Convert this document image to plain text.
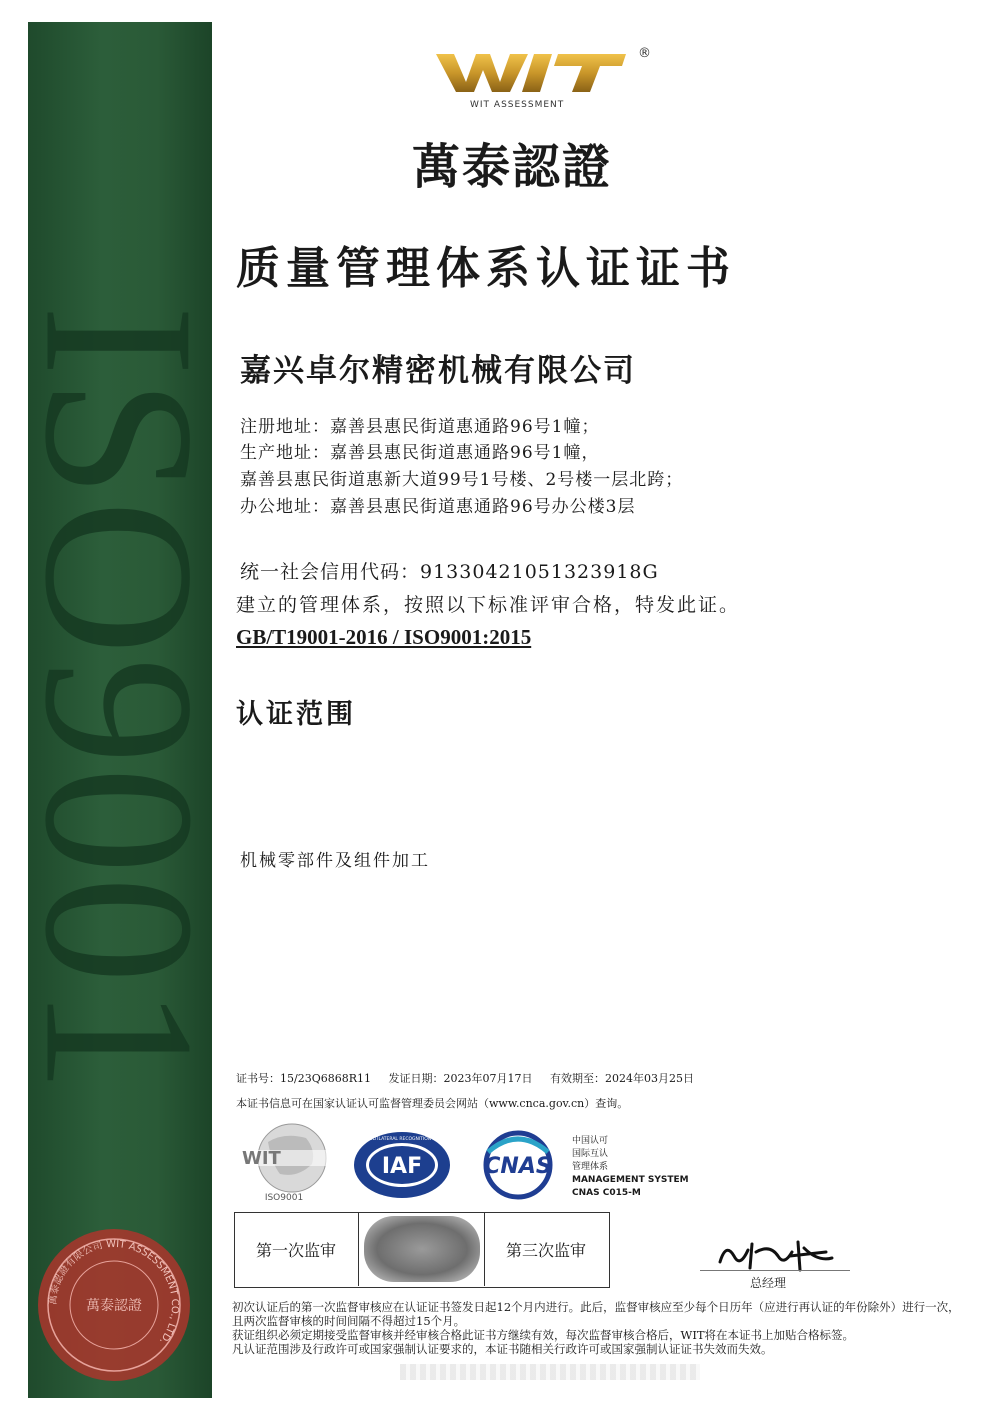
ISO9001
WIT ASSESSMENT
®
萬泰認證
质量管理体系认证证书
嘉兴卓尔精密机械有限公司
注册地址：嘉善县惠民街道惠通路96号1幢；
生产地址：嘉善县惠民街道惠通路96号1幢，
嘉善县惠民街道惠新大道99号1号楼、2号楼一层北跨；
办公地址：嘉善县惠民街道惠通路96号办公楼3层
统一社会信用代码：91330421051323918G
建立的管理体系，按照以下标准评审合格，特发此证。
GB/T19001-2016 / ISO9001:2015
认证范围
机械零部件及组件加工
证书号：15/23Q6868R11 发证日期：2023年07月17日 有效期至：2024年03月25日
本证书信息可在国家认证认可监督管理委员会网站（www.cnca.gov.cn）查询。
WIT
ISO9001
IAF
MEMBER OF MULTILATERAL RECOGNITION ARRANGEMENT
CNAS
中国认可
国际互认
管理体系
MANAGEMENT SYSTEM
CNAS C015-M
第一次监审	第三次监审
总经理
萬泰認證有限公司 WIT ASSESSMENT CO., LTD.
萬泰認證	初次认证后的第一次监督审核应在认证证书签发日起12个月内进行。此后，监督审核应至少每个日历年（应进行再认证的年份除外）进行一次，且两次监督审核的时间间隔不得超过15个月。
获证组织必须定期接受监督审核并经审核合格此证书方继续有效，每次监督审核合格后，WIT将在本证书上加贴合格标签。
凡认证范围涉及行政许可或国家强制认证要求的，本证书随相关行政许可或国家强制认证证书失效而失效。
